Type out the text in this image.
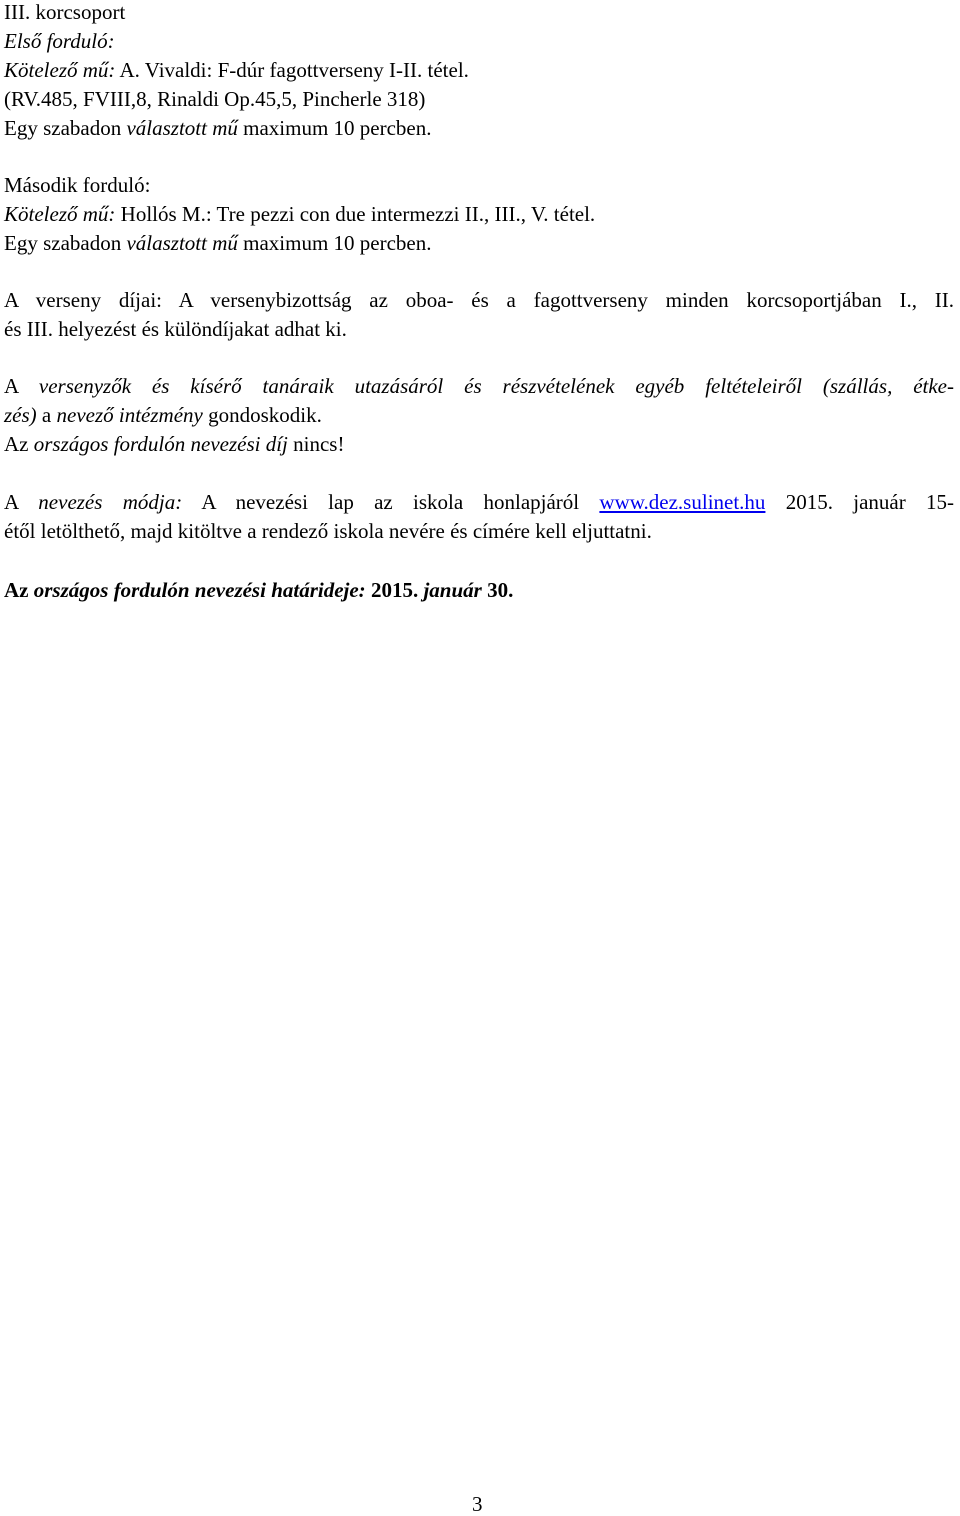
III. korcsoport
Első forduló:
Kötelező mű: A. Vivaldi: F-dúr fagottverseny I-II. tétel.
(RV.485, FVIII,8, Rinaldi Op.45,5, Pincherle 318)
Egy szabadon választott mű maximum 10 percben.
Második forduló:
Kötelező mű: Hollós M.: Tre pezzi con due intermezzi II., III., V. tétel.
Egy szabadon választott mű maximum 10 percben.
A verseny díjai: A versenybizottság az oboa- és a fagottverseny minden korcsoportjában I., II.
és III. helyezést és különdíjakat adhat ki.
A versenyzők és kísérő tanáraik utazásáról és részvételének egyéb feltételeiről (szállás, étke-
zés) a nevező intézmény gondoskodik.
Az országos fordulón nevezési díj nincs!
A nevezés módja: A nevezési lap az iskola honlapjáról www.dez.sulinet.hu 2015. január 15-
étől letölthető, majd kitöltve a rendező iskola nevére és címére kell eljuttatni.
Az országos fordulón nevezési határideje: 2015. január 30.
3
